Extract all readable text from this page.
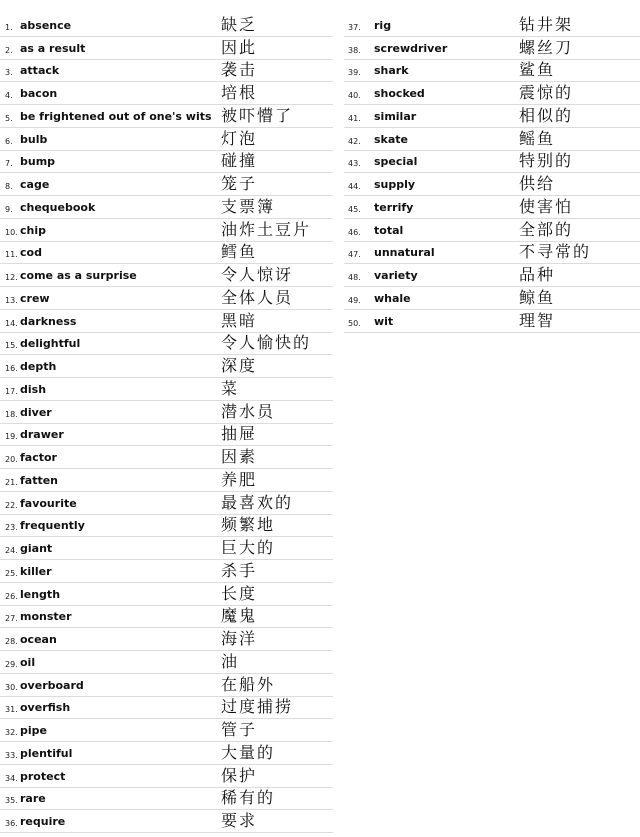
1. absence	缺乏
2. as a result	因此
3. attack	袭击
4. bacon	培根
5. be frightened out of one's wits 被吓懵了
6. bulb	灯泡
7. bump	碰撞
8. cage	笼子
9. chequebook	支票簿
10. chip	油炸土豆片
11. cod	鳕鱼
12. come as a surprise	令人惊讶
13. crew	全体人员
14. darkness	黑暗
15. delightful	令人愉快的
16. depth	深度
17. dish	菜
18. diver	潜水员
19. drawer	抽屉
20. factor	因素
21. fatten	养肥
22. favourite	最喜欢的
23. frequently	频繁地
24. giant	巨大的
25. killer	杀手
26. length	长度
27. monster	魔鬼
28. ocean	海洋
29. oil	油
30. overboard	在船外
31. overfish	过度捕捞
32. pipe	管子
33. plentiful	大量的
34. protect	保护
35. rare	稀有的
36. require	要求
37. rig	钻井架
38. screwdriver	螺丝刀
39. shark	鲨鱼
40. shocked	震惊的
41. similar	相似的
42. skate	鳐鱼
43. special	特别的
44. supply	供给
45. terrify	使害怕
46. total	全部的
47. unnatural	不寻常的
48. variety	品种
49. whale	鲸鱼
50. wit	理智
